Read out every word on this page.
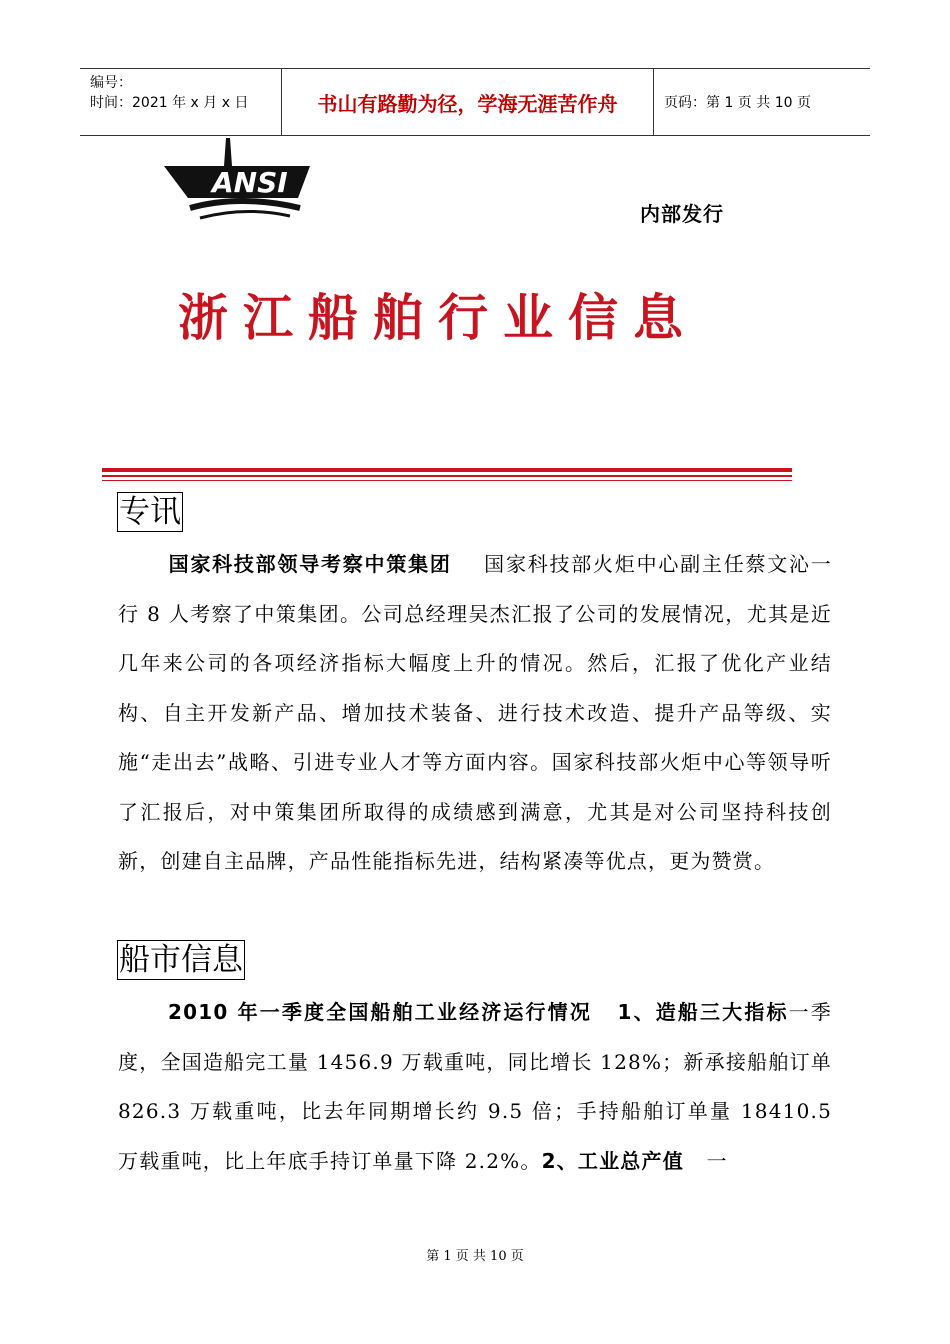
编号：
时间：2021 年 x 月 x 日	书山有路勤为径，学海无涯苦作舟	页码：第 1 页 共 10 页
ANSI
内部发行
浙江船舶行业信息
专讯
国家科技部领导考察中策集团 国家科技部火炬中心副主任蔡文沁一行 8 人考察了中策集团。公司总经理吴杰汇报了公司的发展情况，尤其是近几年来公司的各项经济指标大幅度上升的情况。然后，汇报了优化产业结构、自主开发新产品、增加技术装备、进行技术改造、提升产品等级、实施“走出去”战略、引进专业人才等方面内容。国家科技部火炬中心等领导听了汇报后，对中策集团所取得的成绩感到满意，尤其是对公司坚持科技创新，创建自主品牌，产品性能指标先进，结构紧凑等优点，更为赞赏。
船市信息
2010 年一季度全国船舶工业经济运行情况 1、造船三大指标一季度，全国造船完工量 1456.9 万载重吨，同比增长 128%；新承接船舶订单 826.3 万载重吨，比去年同期增长约 9.5 倍；手持船舶订单量 18410.5 万载重吨，比上年底手持订单量下降 2.2%。2、工业总产值 一
第 1 页 共 10 页
